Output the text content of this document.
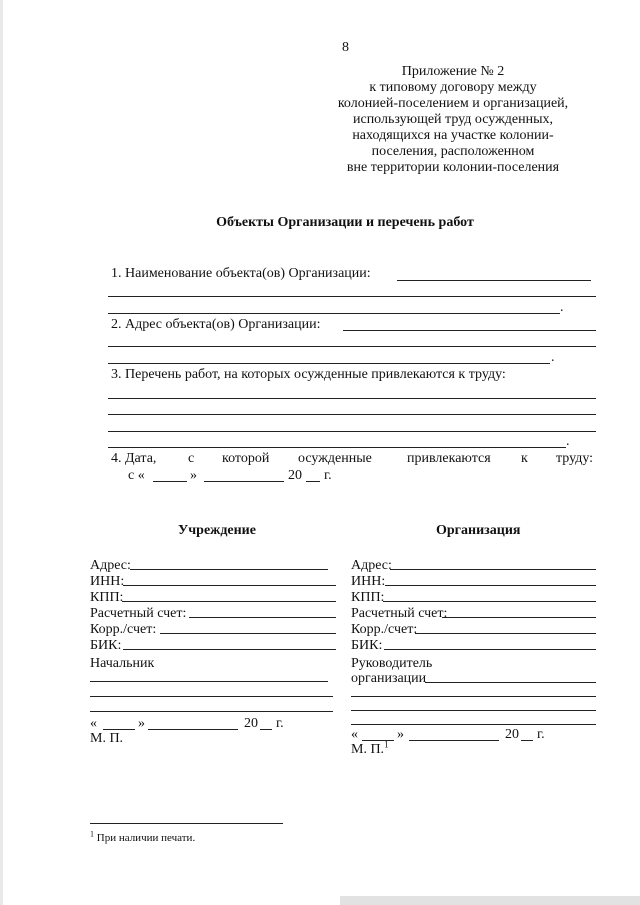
8
Приложение № 2
к типовому договору между
колонией-поселением и организацией,
использующей труд осужденных,
находящихся на участке колонии-
поселения, расположенном
вне территории колонии-поселения
Объекты Организации и перечень работ
1. Наименование объекта(ов) Организации:
.
2. Адрес объекта(ов) Организации:
.
3. Перечень работ, на которых осужденные привлекаются к труду:
.
4. Дата, с которой осужденные	привлекаются к труду:
с «	»	20 г.
Учреждение
Адрес:
ИНН:
КПП:
Расчетный счет:
Корр./счет:
БИК:
Начальник
«	»	20 г.
М. П.
Организация
Адрес:
ИНН:
КПП:
Расчетный счет:
Корр./счет:
БИК:
Руководитель
организации
«	»	20 г.
М. П.$^1$
$^1$ При наличии печати.
